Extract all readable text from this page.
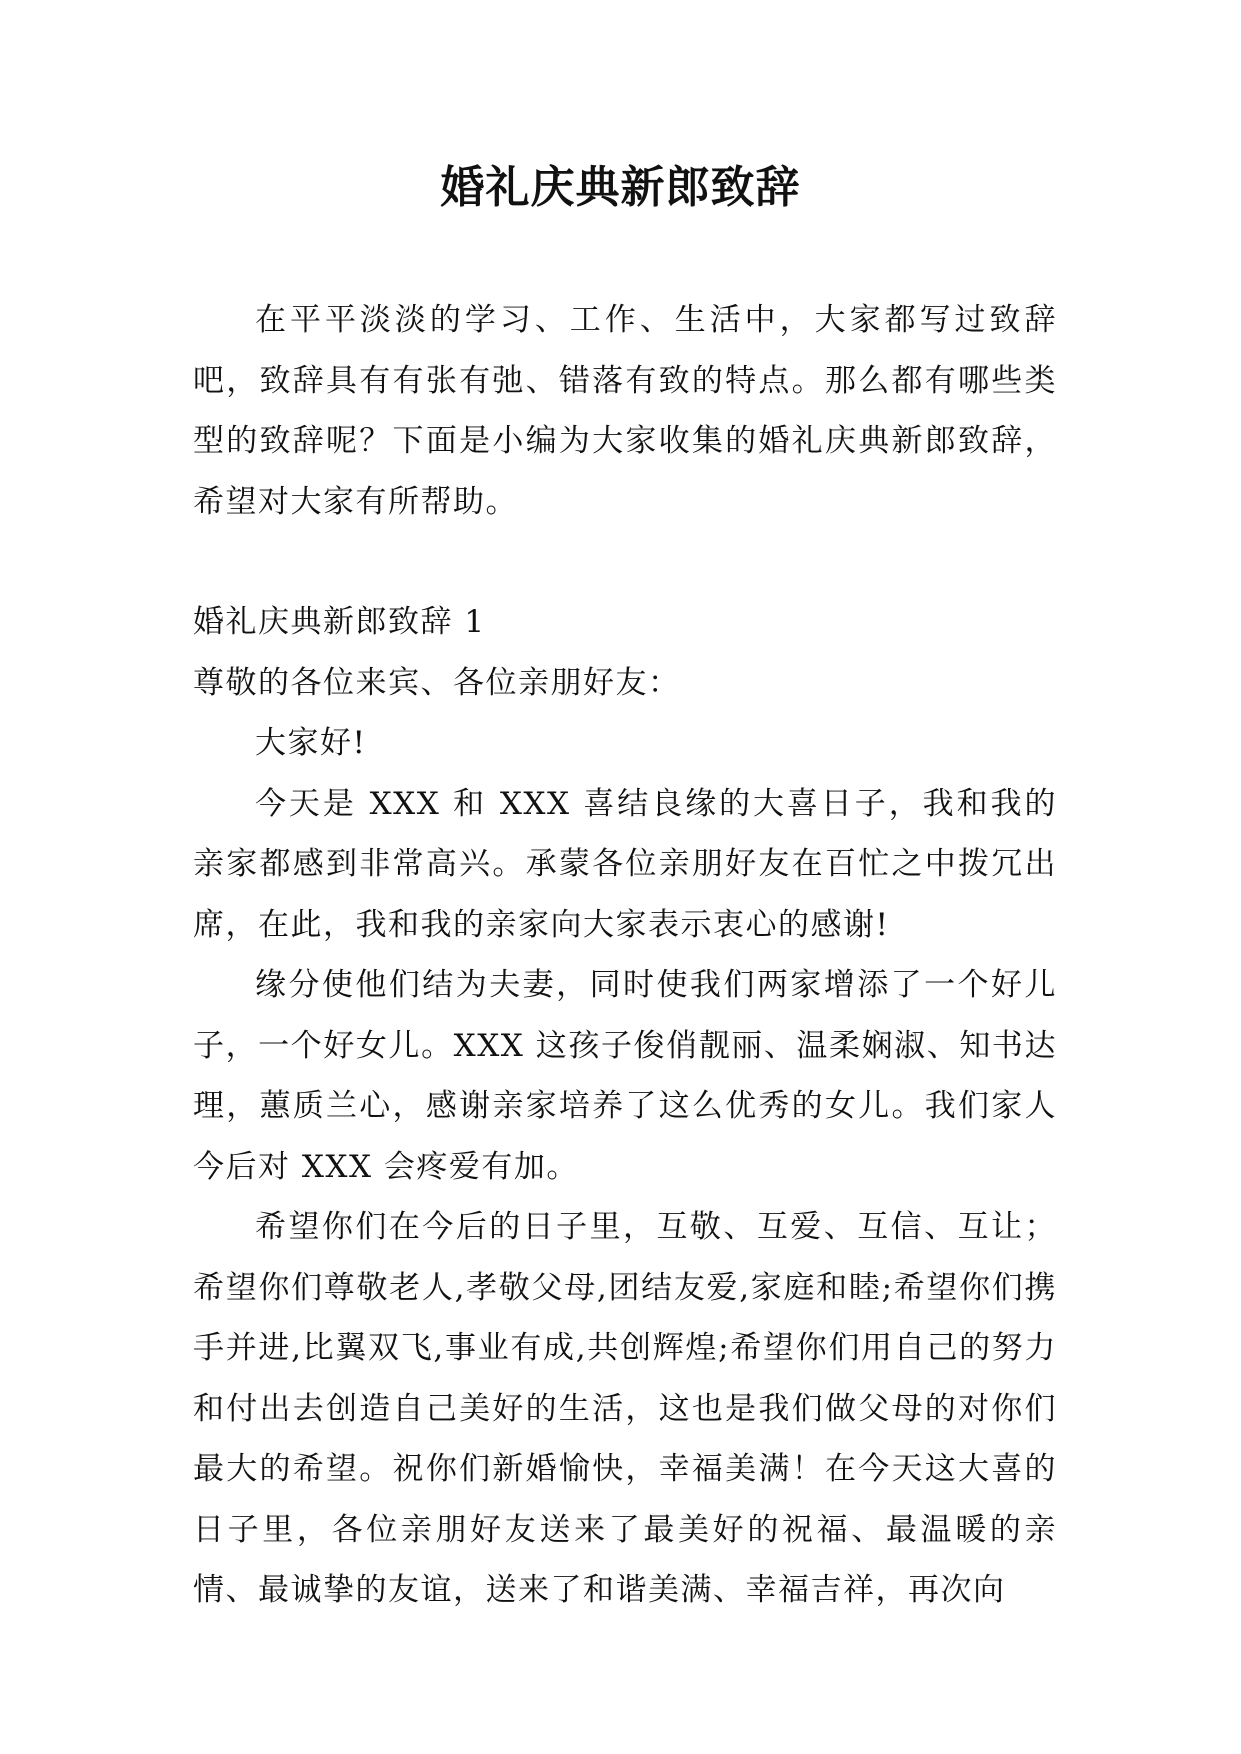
婚礼庆典新郎致辞

在平平淡淡的学习、工作、生活中，大家都写过致辞吧，致辞具有有张有弛、错落有致的特点。那么都有哪些类型的致辞呢？下面是小编为大家收集的婚礼庆典新郎致辞，希望对大家有所帮助。

婚礼庆典新郎致辞 1

尊敬的各位来宾、各位亲朋好友：

大家好!

今天是 XXX 和 XXX 喜结良缘的大喜日子，我和我的亲家都感到非常高兴。承蒙各位亲朋好友在百忙之中拨冗出席，在此，我和我的亲家向大家表示衷心的感谢!

缘分使他们结为夫妻，同时使我们两家增添了一个好儿子，一个好女儿。XXX 这孩子俊俏靓丽、温柔娴淑、知书达理，蕙质兰心，感谢亲家培养了这么优秀的女儿。我们家人今后对 XXX 会疼爱有加。

希望你们在今后的日子里，互敬、互爱、互信、互让；希望你们尊敬老人,孝敬父母,团结友爱,家庭和睦;希望你们携手并进,比翼双飞,事业有成,共创辉煌;希望你们用自己的努力和付出去创造自己美好的生活，这也是我们做父母的对你们最大的希望。祝你们新婚愉快，幸福美满！在今天这大喜的日子里，各位亲朋好友送来了最美好的祝福、最温暖的亲情、最诚挚的友谊，送来了和谐美满、幸福吉祥，再次向
